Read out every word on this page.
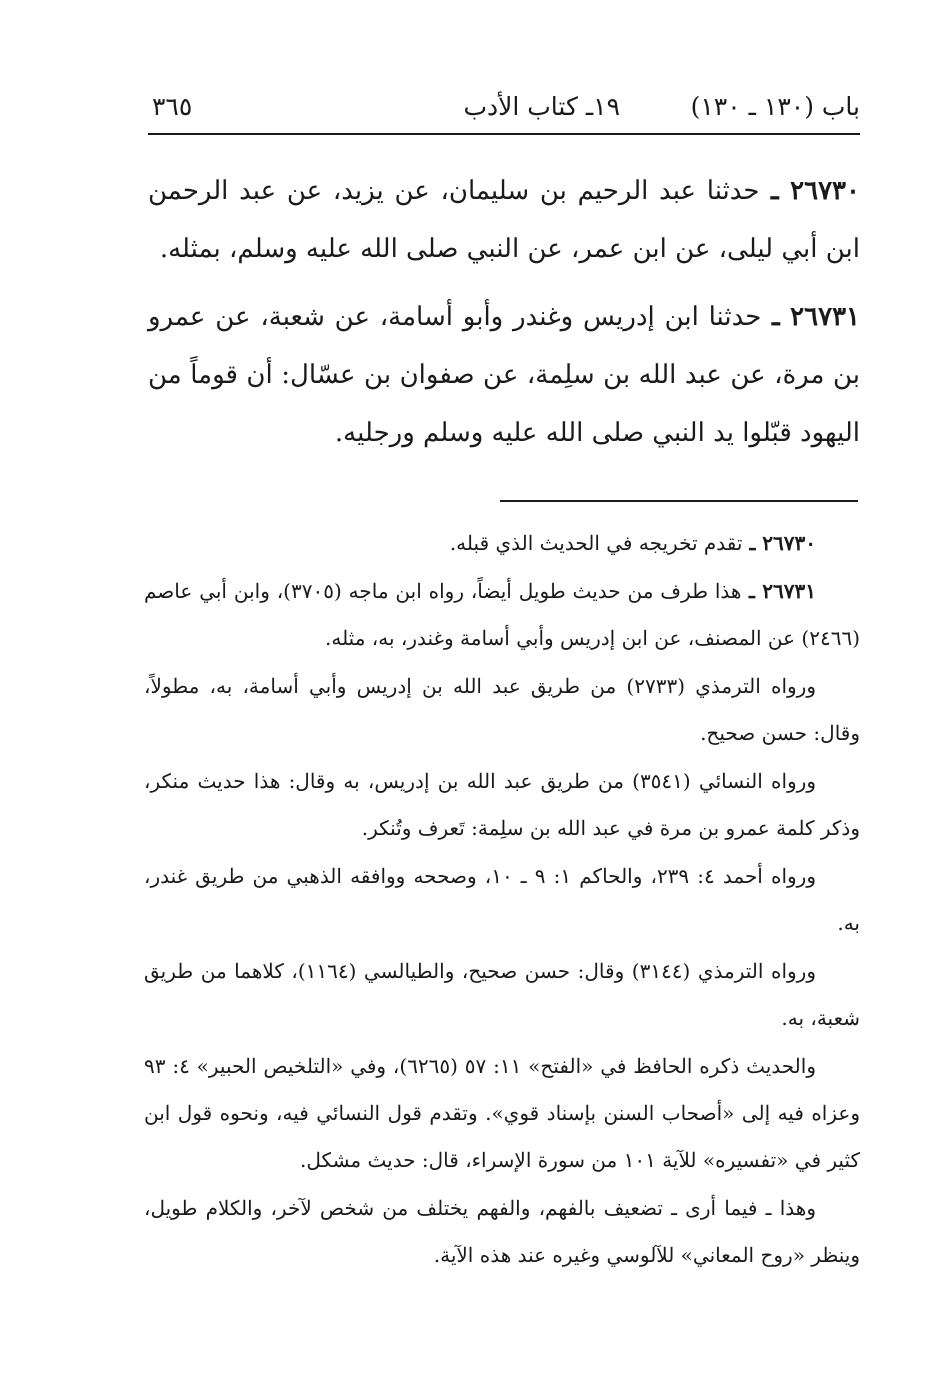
باب (١٣٠ ـ ١٣٠)
١٩ـ كتاب الأدب
٣٦٥

٢٦٧٣٠ ـ حدثنا عبد الرحيم بن سليمان، عن يزيد، عن عبد الرحمن ابن أبي ليلى، عن ابن عمر، عن النبي صلى الله عليه وسلم، بمثله.

٢٦٧٣١ ـ حدثنا ابن إدريس وغندر وأبو أسامة، عن شعبة، عن عمرو بن مرة، عن عبد الله بن سلِمة، عن صفوان بن عسّال: أن قوماً من اليهود قبّلوا يد النبي صلى الله عليه وسلم ورجليه.

٢٦٧٣٠ ـ تقدم تخريجه في الحديث الذي قبله.

٢٦٧٣١ ـ هذا طرف من حديث طويل أيضاً، رواه ابن ماجه (٣٧٠٥)، وابن أبي عاصم (٢٤٦٦) عن المصنف، عن ابن إدريس وأبي أسامة وغندر، به، مثله.

ورواه الترمذي (٢٧٣٣) من طريق عبد الله بن إدريس وأبي أسامة، به، مطولاً، وقال: حسن صحيح.

ورواه النسائي (٣٥٤١) من طريق عبد الله بن إدريس، به وقال: هذا حديث منكر، وذكر كلمة عمرو بن مرة في عبد الله بن سلِمة: تَعرف وتُنكر.

ورواه أحمد ٤: ٢٣٩، والحاكم ١: ٩ ـ ١٠، وصححه ووافقه الذهبي من طريق غندر، به.

ورواه الترمذي (٣١٤٤) وقال: حسن صحيح، والطيالسي (١١٦٤)، كلاهما من طريق شعبة، به.

والحديث ذكره الحافظ في «الفتح» ١١: ٥٧ (٦٢٦٥)، وفي «التلخيص الحبير» ٤: ٩٣ وعزاه فيه إلى «أصحاب السنن بإسناد قوي». وتقدم قول النسائي فيه، ونحوه قول ابن كثير في «تفسيره» للآية ١٠١ من سورة الإسراء، قال: حديث مشكل.

وهذا ـ فيما أرى ـ تضعيف بالفهم، والفهم يختلف من شخص لآخر، والكلام طويل، وينظر «روح المعاني» للآلوسي وغيره عند هذه الآية.
